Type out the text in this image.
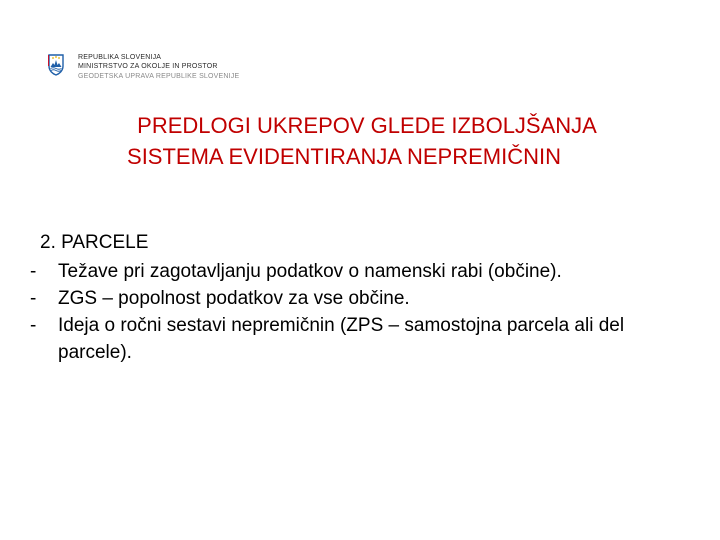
REPUBLIKA SLOVENIJA
MINISTRSTVO ZA OKOLJE IN PROSTOR
GEODETSKA UPRAVA REPUBLIKE SLOVENIJE
PREDLOGI UKREPOV GLEDE IZBOLJŠANJA
SISTEMA EVIDENTIRANJA NEPREMIČNIN
2. PARCELE
- Težave pri zagotavljanju podatkov o namenski rabi (občine).
- ZGS – popolnost podatkov za vse občine.
- Ideja o ročni sestavi nepremičnin (ZPS – samostojna parcela ali del parcele).
